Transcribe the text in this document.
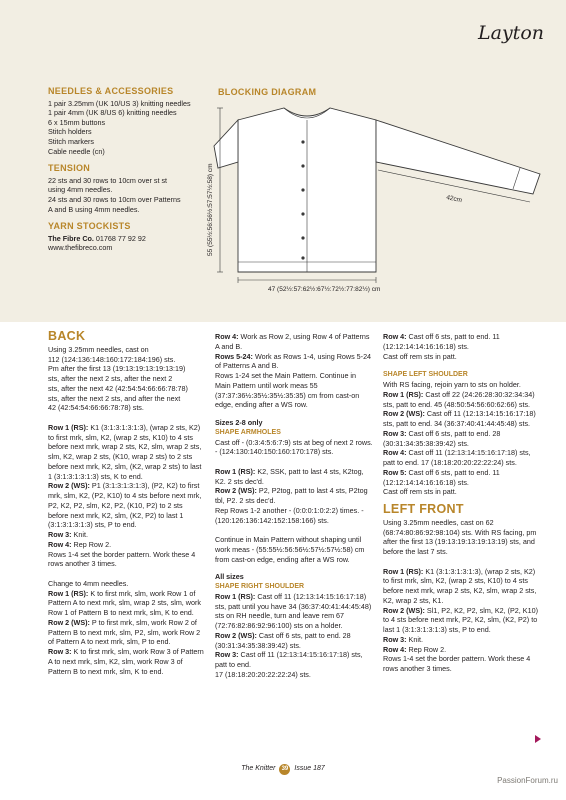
Layton
NEEDLES & ACCESSORIES
1 pair 3.25mm (UK 10/US 3) knitting needles
1 pair 4mm (UK 8/US 6) knitting needles
6 x 15mm buttons
Stitch holders
Stitch markers
Cable needle (cn)
TENSION
22 sts and 30 rows to 10cm over st st
using 4mm needles.
24 sts and 30 rows to 10cm over Patterns
A and B using 4mm needles.
YARN STOCKISTS
The Fibre Co. 01768 77 92 92
www.thefibreco.com
BLOCKING DIAGRAM
55 (55½:56:56½:57:57½:58) cm	42cm
47 (52½:57:62½:67½:72½:77:82½) cm
BACK
Using 3.25mm needles, cast on
112 (124:136:148:160:172:184:196) sts.
Pm after the first 13 (19:13:19:13:19:13:19)
sts, after the next 2 sts, after the next 2
sts, after the next 42 (42:54:54:66:66:78:78)
sts, after the next 2 sts, and after the next
42 (42:54:54:66:66:78:78) sts.

Row 1 (RS): K1 (3:1:3:1:3:1:3), (wrap 2 sts, K2) to first mrk, slm, K2, (wrap 2 sts, K10) to 4 sts before next mrk, wrap 2 sts, K2, slm, wrap 2 sts, slm, K2, wrap 2 sts, (K10, wrap 2 sts) to 2 sts before next mrk, K2, slm, (K2, wrap 2 sts) to last 1 (3:1:3:1:3:1:3) sts, K to end.

Row 2 (WS): P1 (3:1:3:1:3:1:3), (P2, K2) to first mrk, slm, K2, (P2, K10) to 4 sts before next mrk, P2, K2, P2, slm, K2, P2, (K10, P2) to 2 sts before next mrk, K2, slm, (K2, P2) to last 1 (3:1:3:1:3:1:3) sts, P to end.

Row 3: Knit.

Row 4: Rep Row 2.

Rows 1-4 set the border pattern. Work these 4 rows another 3 times.

Change to 4mm needles.

Row 1 (RS): K to first mrk, slm, work Row 1 of Pattern A to next mrk, slm, wrap 2 sts, slm, work Row 1 of Pattern B to next mrk, slm, K to end.

Row 2 (WS): P to first mrk, slm, work Row 2 of Pattern B to next mrk, slm, P2, slm, work Row 2 of Pattern A to next mrk, slm, P to end.

Row 3: K to first mrk, slm, work Row 3 of Pattern A to next mrk, slm, K2, slm, work Row 3 of Pattern B to next mrk, slm, K to end.

Row 4: Work as Row 2, using Row 4 of Patterns A and B.

Rows 5-24: Work as Rows 1-4, using Rows 5-24 of Patterns A and B.

Rows 1-24 set the Main Pattern. Continue in Main Pattern until work meas 55 (37:37:36½:35½:35½:35:35) cm from cast-on edge, ending after a WS row.

Sizes 2-8 only
SHAPE ARMHOLES

Cast off - (0:3:4:5:6:7:9) sts at beg of next 2 rows.

- (124:130:140:150:160:170:178) sts.

Row 1 (RS): K2, SSK, patt to last 4 sts, K2tog, K2. 2 sts dec'd.

Row 2 (WS): P2, P2tog, patt to last 4 sts, P2tog tbl, P2. 2 sts dec'd.

Rep Rows 1-2 another - (0:0:0:1:0:2:2) times. - (120:126:136:142:152:158:166) sts.

Continue in Main Pattern without shaping until work meas - (55:55½:56:56½:57½:57½:58) cm from cast-on edge, ending after a WS row.

All sizes
SHAPE RIGHT SHOULDER

Row 1 (RS): Cast off 11 (12:13:14:15:16:17:18) sts, patt until you have 34 (36:37:40:41:44:45:48) sts on RH needle, turn and leave rem 67 (72:76:82:86:92:96:100) sts on a holder.

Row 2 (WS): Cast off 6 sts, patt to end. 28 (30:31:34:35:38:39:42) sts.

Row 3: Cast off 11 (12:13:14:15:16:17:18) sts, patt to end.

17 (18:18:20:20:22:22:24) sts.

Row 4: Cast off 6 sts, patt to end. 11 (12:12:14:14:16:16:18) sts.

Cast off rem sts in patt.

SHAPE LEFT SHOULDER

With RS facing, rejoin yarn to sts on holder.

Row 1 (RS): Cast off 22 (24:26:28:30:32:34:34) sts, patt to end. 45 (48:50:54:56:60:62:66) sts.

Row 2 (WS): Cast off 11 (12:13:14:15:16:17:18) sts, patt to end. 34 (36:37:40:41:44:45:48) sts.

Row 3: Cast off 6 sts, patt to end. 28 (30:31:34:35:38:39:42) sts.

Row 4: Cast off 11 (12:13:14:15:16:17:18) sts, patt to end. 17 (18:18:20:20:22:22:24) sts.

Row 5: Cast off 6 sts, patt to end. 11 (12:12:14:14:16:16:18) sts.

Cast off rem sts in patt.

LEFT FRONT

Using 3.25mm needles, cast on 62 (68:74:80:86:92:98:104) sts. With RS facing, pm after the first 13 (19:13:19:13:19:13:19) sts, and before the last 7 sts.

Row 1 (RS): K1 (3:1:3:1:3:1:3), (wrap 2 sts, K2) to first mrk, slm, K2, (wrap 2 sts, K10) to 4 sts before next mrk, wrap 2 sts, K2, slm, wrap 2 sts, K2, wrap 2 sts, K1.

Row 2 (WS): Sl1, P2, K2, P2, slm, K2, (P2, K10) to 4 sts before next mrk, P2, K2, slm, (K2, P2) to last 1 (3:1:3:1:3:1:3) sts, P to end.

Row 3: Knit.

Row 4: Rep Row 2.

Rows 1-4 set the border pattern. Work these 4 rows another 3 times.

The Knitter 39 Issue 187
PassionForum.ru
